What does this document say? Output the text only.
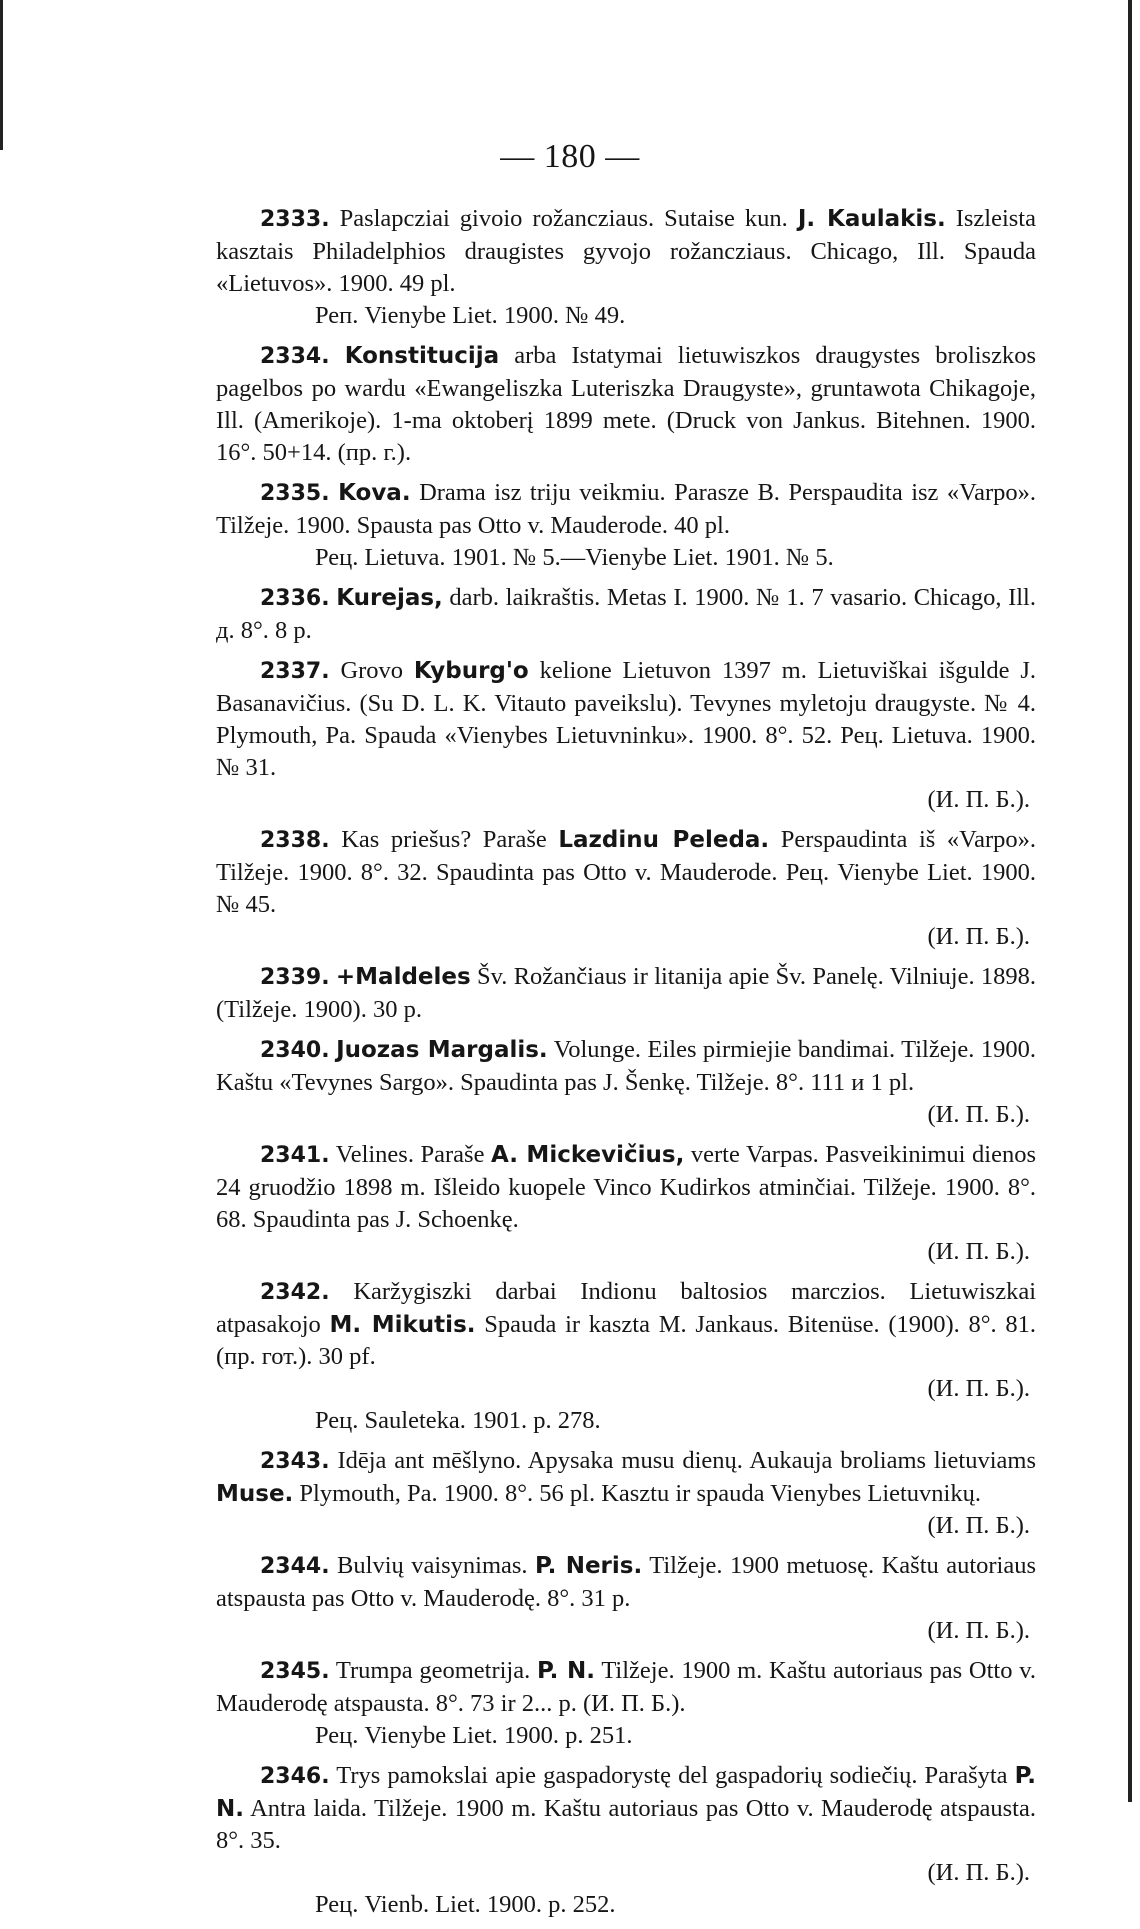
— 180 —

2333. Paslapcziai givoio rožancziaus. Sutaise kun. J. Kaulakis. Iszleista kasztais Philadelphios draugistes gyvojo rožancziaus. Chicago, Ill. Spauda «Lietuvos». 1900. 49 pl.

Реп. Vienybe Liet. 1900. № 49.

2334. Konstitucija arba Istatymai lietuwiszkos draugystes broliszkos pagelbos po wardu «Ewangeliszka Luteriszka Draugyste», gruntawota Chikagoje, Ill. (Amerikoje). 1-ma oktoberį 1899 mete. (Druck von Jankus. Bitehnen. 1900. 16°. 50+14. (пр. г.).

2335. Kova. Drama isz triju veikmiu. Parasze B. Perspaudita isz «Varpo». Tilžeje. 1900. Spausta pas Otto v. Mauderode. 40 pl.

Рец. Lietuva. 1901. № 5.—Vienybe Liet. 1901. № 5.

2336. Kurejas, darb. laikraštis. Metas I. 1900. № 1. 7 vasario. Chicago, Ill. д. 8°. 8 p.

2337. Grovo Kyburg'o kelione Lietuvon 1397 m. Lietuviškai išgulde J. Basanavičius. (Su D. L. K. Vitauto paveikslu). Tevynes myletoju draugyste. № 4. Plymouth, Pa. Spauda «Vienybes Lietuvninku». 1900. 8°. 52. Рец. Lietuva. 1900. № 31.

(И. П. Б.).

2338. Kas priešus? Paraše Lazdinu Peleda. Perspaudinta iš «Varpo». Tilžeje. 1900. 8°. 32. Spaudinta pas Otto v. Mauderode. Рец. Vienybe Liet. 1900. № 45.

(И. П. Б.).

2339. +Maldeles Šv. Rožančiaus ir litanija apie Šv. Panelę. Vilniuje. 1898. (Tilžeje. 1900). 30 p.

2340. Juozas Margalis. Volunge. Eiles pirmiejie bandimai. Tilžeje. 1900. Kaštu «Tevynes Sargo». Spaudinta pas J. Šenkę. Tilžeje. 8°. 111 и 1 pl.

(И. П. Б.).

2341. Velines. Paraše A. Mickevičius, verte Varpas. Pasveikinimui dienos 24 gruodžio 1898 m. Išleido kuopele Vinco Kudirkos atminčiai. Tilžeje. 1900. 8°. 68. Spaudinta pas J. Schoenkę.

(И. П. Б.).

2342. Karžygiszki darbai Indionu baltosios marczios. Lietuwiszkai atpasakojo M. Mikutis. Spauda ir kaszta M. Jankaus. Bitenüse. (1900). 8°. 81. (пр. гот.). 30 pf.

(И. П. Б.).

Рец. Sauleteka. 1901. p. 278.

2343. Idēja ant mēšlyno. Apysaka musu dienų. Aukauja broliams lietuviams Muse. Plymouth, Pa. 1900. 8°. 56 pl. Kasztu ir spauda Vienybes Lietuvnikų.

(И. П. Б.).

2344. Bulvių vaisynimas. P. Neris. Tilžeje. 1900 metuosę. Kaštu autoriaus atspausta pas Otto v. Mauderodę. 8°. 31 p.

(И. П. Б.).

2345. Trumpa geometrija. P. N. Tilžeje. 1900 m. Kaštu autoriaus pas Otto v. Mauderodę atspausta. 8°. 73 ir 2... p. (И. П. Б.).

Рец. Vienybe Liet. 1900. p. 251.

2346. Trys pamokslai apie gaspadorystę del gaspadorių sodiečių. Parašyta P. N. Antra laida. Tilžeje. 1900 m. Kaštu autoriaus pas Otto v. Mauderodę atspausta. 8°. 35.

(И. П. Б.).

Рец. Vienb. Liet. 1900. p. 252.
